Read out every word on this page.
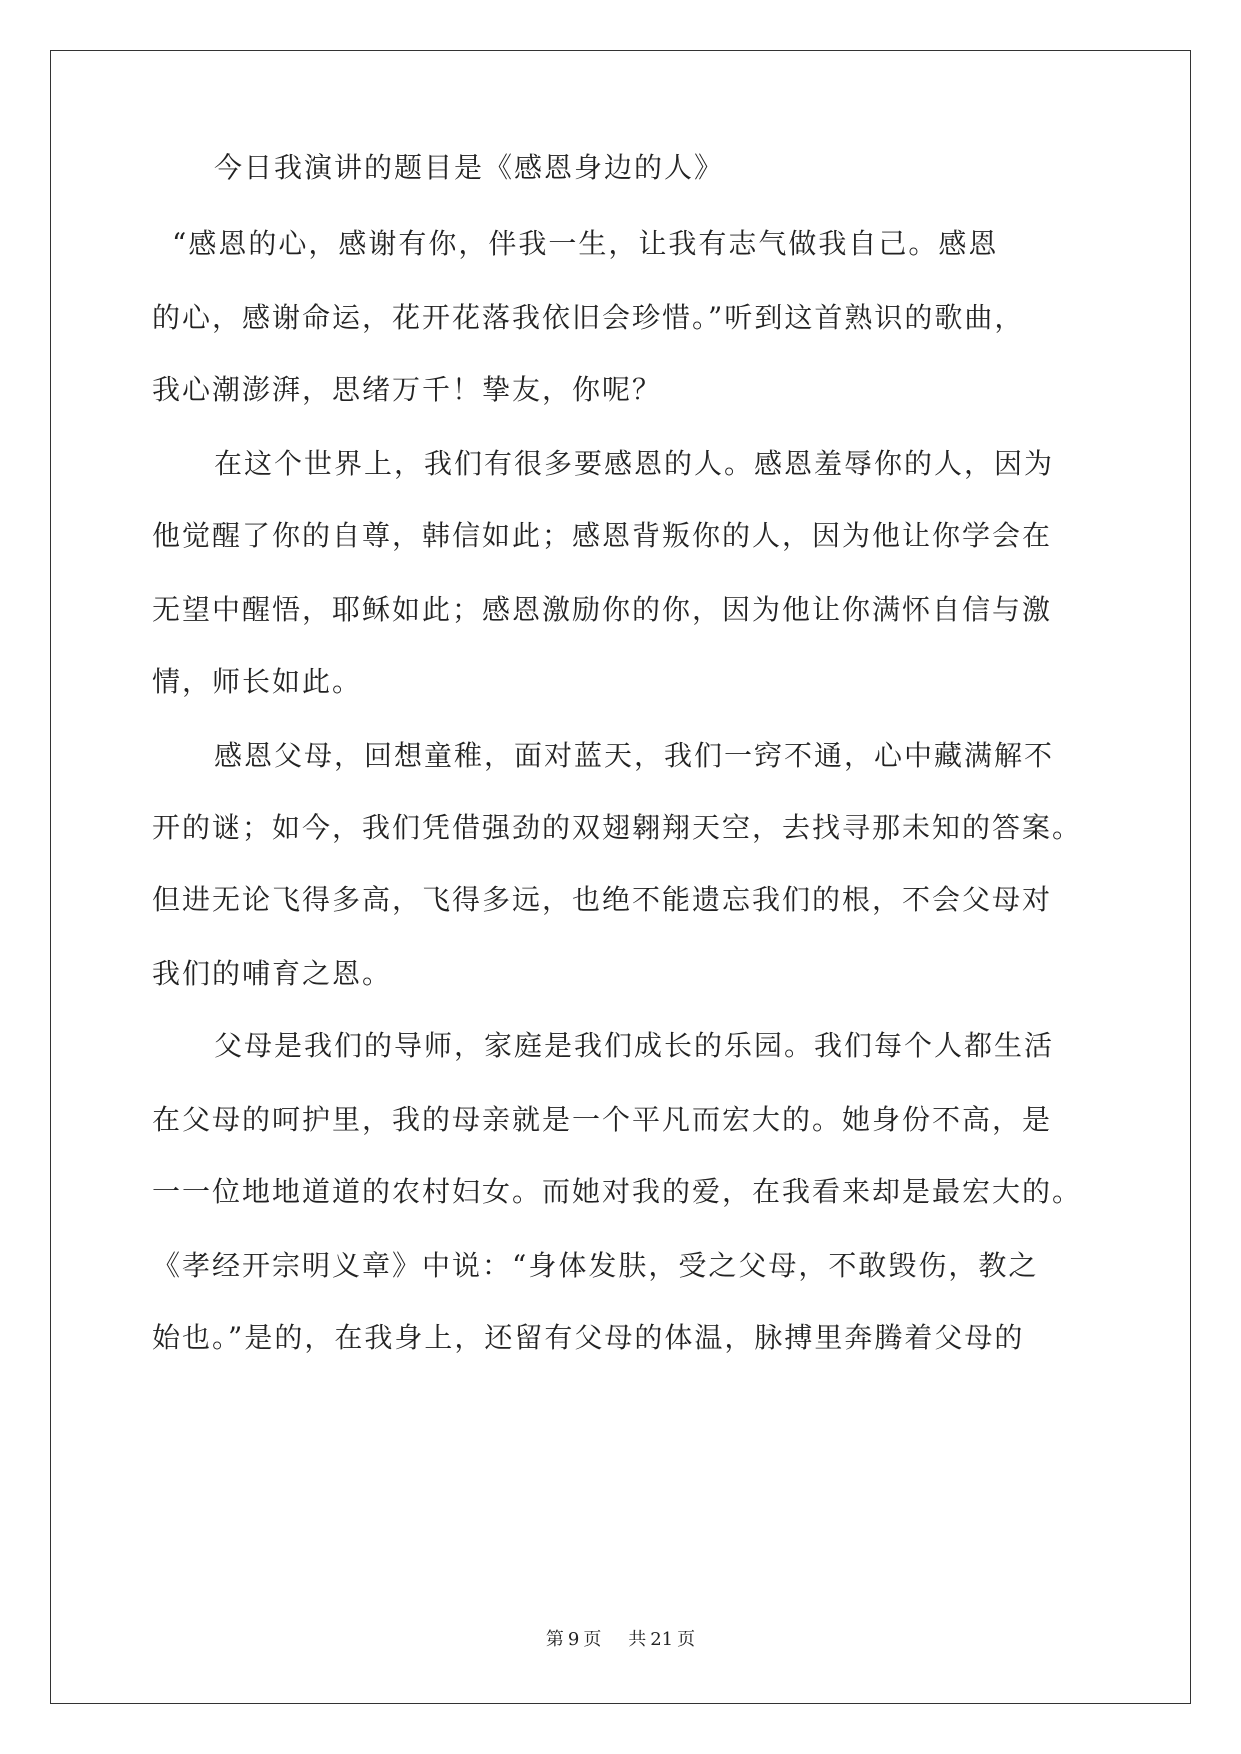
今日我演讲的题目是《感恩身边的人》
“感恩的心，感谢有你，伴我一生，让我有志气做我自己。感恩
的心，感谢命运，花开花落我依旧会珍惜。”听到这首熟识的歌曲，
我心潮澎湃，思绪万千！挚友，你呢？
在这个世界上，我们有很多要感恩的人。感恩羞辱你的人，因为
他觉醒了你的自尊，韩信如此；感恩背叛你的人，因为他让你学会在
无望中醒悟，耶稣如此；感恩激励你的你，因为他让你满怀自信与激
情，师长如此。
感恩父母，回想童稚，面对蓝天，我们一窍不通，心中藏满解不
开的谜；如今，我们凭借强劲的双翅翱翔天空，去找寻那未知的答案。
但进无论飞得多高，飞得多远，也绝不能遗忘我们的根，不会父母对
我们的哺育之恩。
父母是我们的导师，家庭是我们成长的乐园。我们每个人都生活
在父母的呵护里，我的母亲就是一个平凡而宏大的。她身份不高，是
一一位地地道道的农村妇女。而她对我的爱，在我看来却是最宏大的。
《孝经开宗明义章》中说：“身体发肤，受之父母，不敢毁伤，教之
始也。”是的，在我身上，还留有父母的体温，脉搏里奔腾着父母的
第 9 页 共 21 页
